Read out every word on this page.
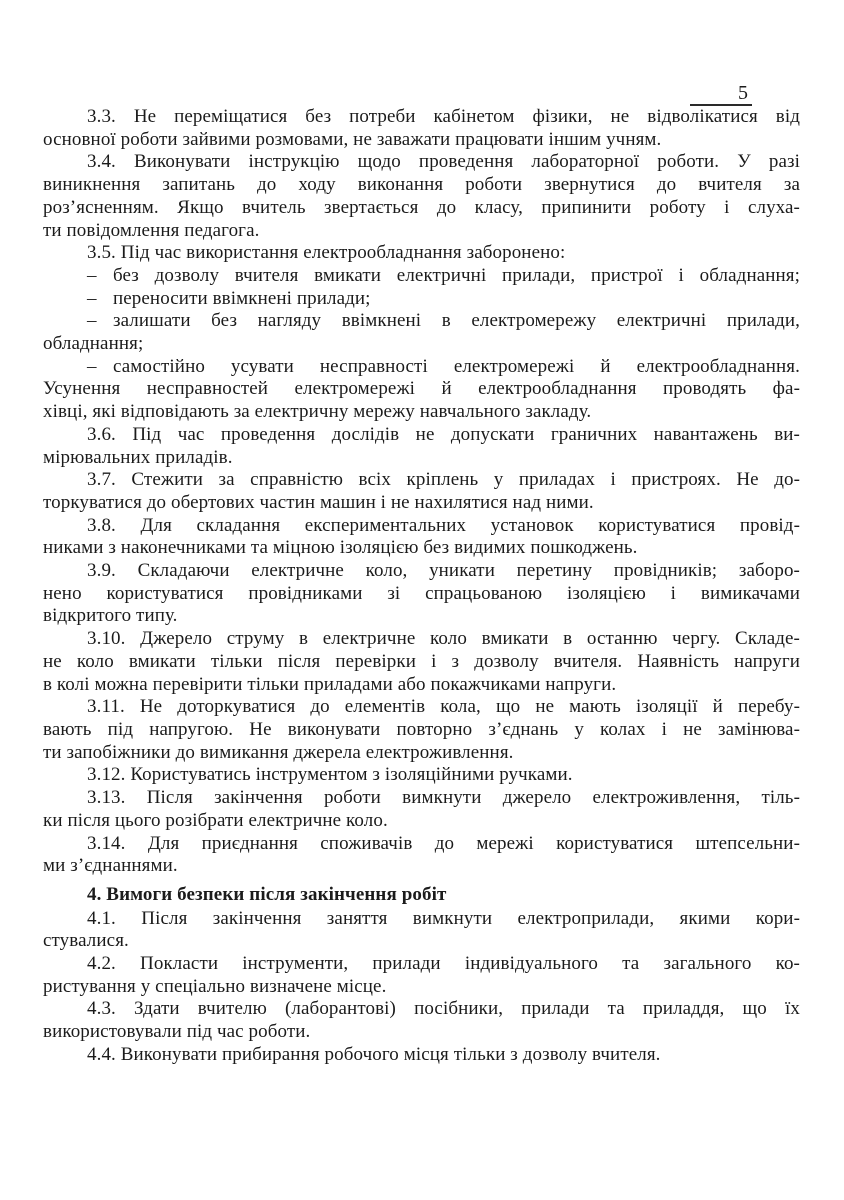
5
3.3. Не переміщатися без потреби кабінетом фізики, не відволікатися від
основної роботи зайвими розмовами, не заважати працювати іншим учням.
3.4. Виконувати інструкцію щодо проведення лабораторної роботи. У разі
виникнення запитань до ходу виконання роботи звернутися до вчителя за
роз’ясненням. Якщо вчитель звертається до класу, припинити роботу і слуха-
ти повідомлення педагога.
3.5. Під час використання електрообладнання заборонено:
– без дозволу вчителя вмикати електричні прилади, пристрої і обладнання;
– переносити ввімкнені прилади;
– залишати без нагляду ввімкнені в електромережу електричні прилади,
обладнання;
– самостійно усувати несправності електромережі й електрообладнання.
Усунення несправностей електромережі й електрообладнання проводять фа-
хівці, які відповідають за електричну мережу навчального закладу.
3.6. Під час проведення дослідів не допускати граничних навантажень ви-
мірювальних приладів.
3.7. Стежити за справністю всіх кріплень у приладах і пристроях. Не до-
торкуватися до обертових частин машин і не нахилятися над ними.
3.8. Для складання експериментальних установок користуватися провід-
никами з наконечниками та міцною ізоляцією без видимих пошкоджень.
3.9. Складаючи електричне коло, уникати перетину провідників; заборо-
нено користуватися провідниками зі спрацьованою ізоляцією і вимикачами
відкритого типу.
3.10. Джерело струму в електричне коло вмикати в останню чергу. Складе-
не коло вмикати тільки після перевірки і з дозволу вчителя. Наявність напруги
в колі можна перевірити тільки приладами або покажчиками напруги.
3.11. Не доторкуватися до елементів кола, що не мають ізоляції й перебу-
вають під напругою. Не виконувати повторно з’єднань у колах і не замінюва-
ти запобіжники до вимикання джерела електроживлення.
3.12. Користуватись інструментом з ізоляційними ручками.
3.13. Після закінчення роботи вимкнути джерело електроживлення, тіль-
ки після цього розібрати електричне коло.
3.14. Для приєднання споживачів до мережі користуватися штепсельни-
ми з’єднаннями.
4. Вимоги безпеки після закінчення робіт
4.1. Після закінчення заняття вимкнути електроприлади, якими кори-
стувалися.
4.2. Покласти інструменти, прилади індивідуального та загального ко-
ристування у спеціально визначене місце.
4.3. Здати вчителю (лаборантові) посібники, прилади та приладдя, що їх
використовували під час роботи.
4.4. Виконувати прибирання робочого місця тільки з дозволу вчителя.
